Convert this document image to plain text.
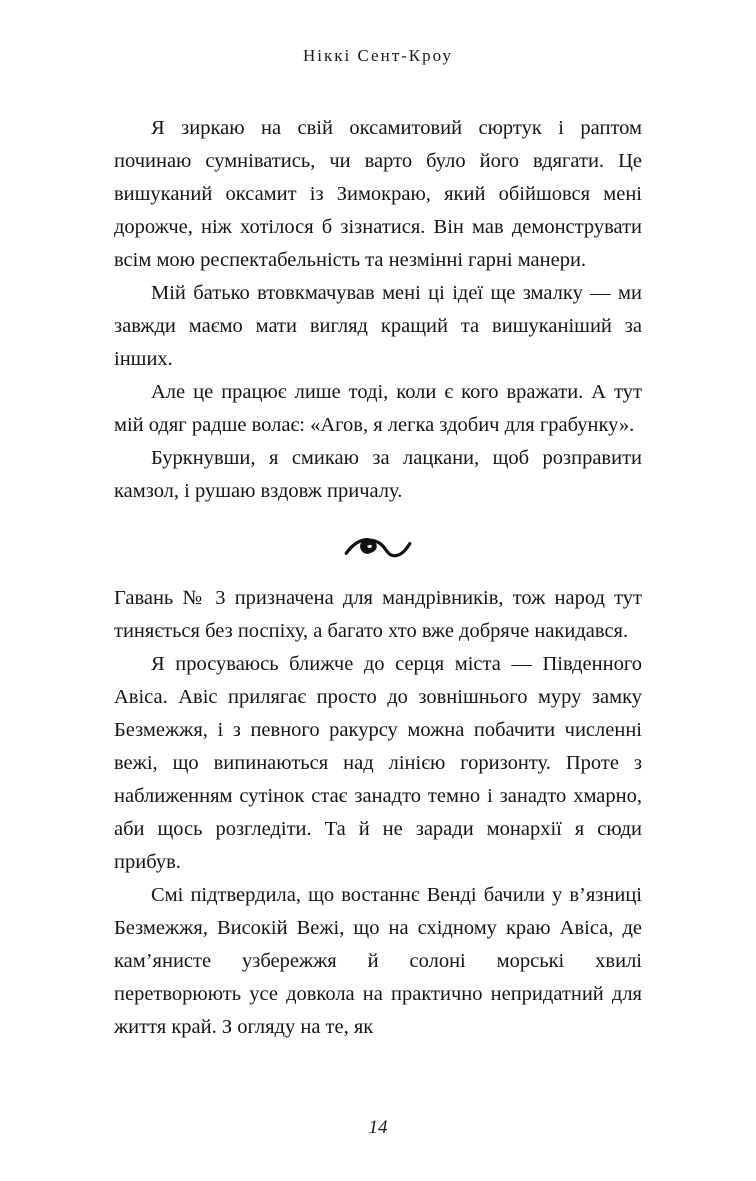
Ніккі Сент-Кроу

Я зиркаю на свій оксамитовий сюртук і раптом починаю сумніватись, чи варто було його вдягати. Це вишуканий оксамит із Зимокраю, який обійшовся мені дорожче, ніж хотілося б зізнатися. Він мав демонструвати всім мою респектабельність та незмінні гарні манери.

Мій батько втовкмачував мені ці ідеї ще змалку — ми завжди маємо мати вигляд кращий та вишуканіший за інших.

Але це працює лише тоді, коли є кого вражати. А тут мій одяг радше волає: «Агов, я легка здобич для грабунку».

Буркнувши, я смикаю за лацкани, щоб розправити камзол, і рушаю вздовж причалу.

Гавань № 3 призначена для мандрівників, тож народ тут тиняється без поспіху, а багато хто вже добряче накидався.

Я просуваюсь ближче до серця міста — Південного Авіса. Авіс прилягає просто до зовнішнього муру замку Безмежжя, і з певного ракурсу можна побачити численні вежі, що випинаються над лінією горизонту. Проте з наближенням сутінок стає занадто темно і занадто хмарно, аби щось розгледіти. Та й не заради монархії я сюди прибув.

Смі підтвердила, що востаннє Венді бачили у в’язниці Безмежжя, Високій Вежі, що на східному краю Авіса, де кам’янисте узбережжя й солоні морські хвилі перетворюють усе довкола на практично непридатний для життя край. З огляду на те, як

14
